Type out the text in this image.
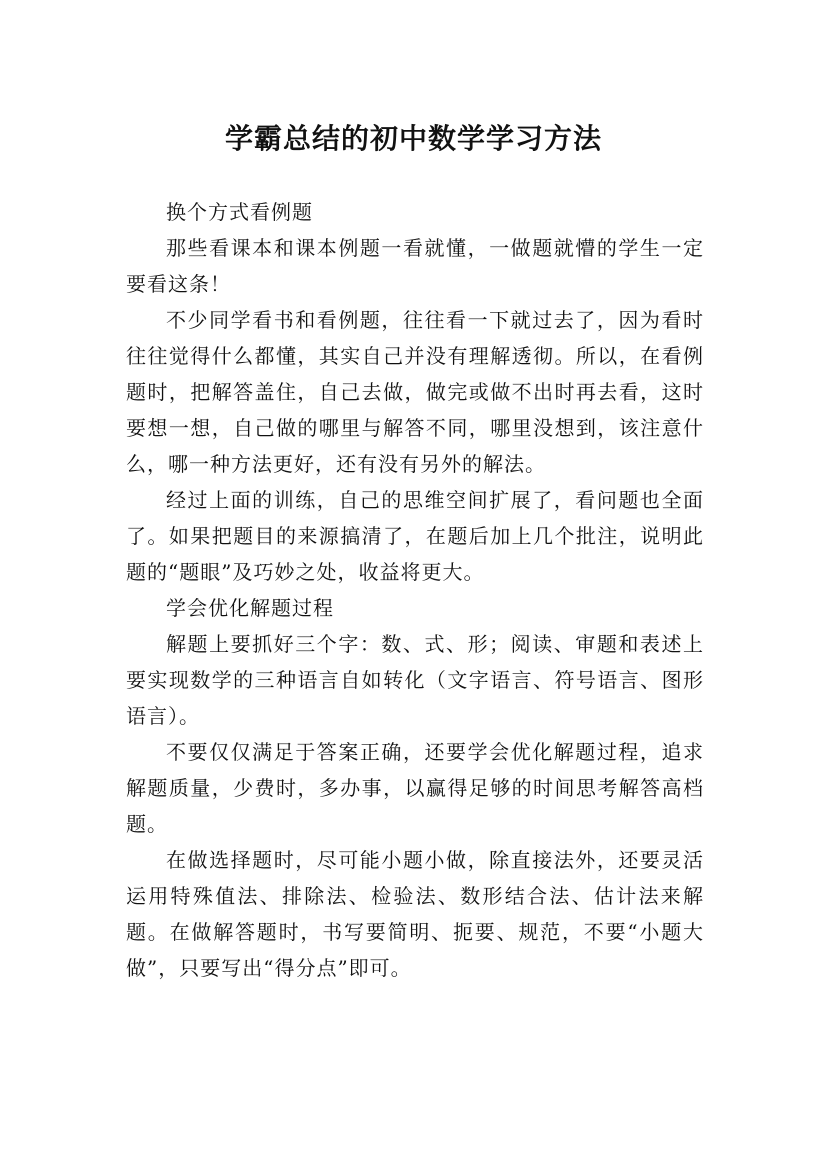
学霸总结的初中数学学习方法

换个方式看例题

那些看课本和课本例题一看就懂，一做题就懵的学生一定要看这条！

不少同学看书和看例题，往往看一下就过去了，因为看时往往觉得什么都懂，其实自己并没有理解透彻。所以，在看例题时，把解答盖住，自己去做，做完或做不出时再去看，这时要想一想，自己做的哪里与解答不同，哪里没想到，该注意什么，哪一种方法更好，还有没有另外的解法。

经过上面的训练，自己的思维空间扩展了，看问题也全面了。如果把题目的来源搞清了，在题后加上几个批注，说明此题的“题眼”及巧妙之处，收益将更大。

学会优化解题过程

解题上要抓好三个字：数、式、形；阅读、审题和表述上要实现数学的三种语言自如转化（文字语言、符号语言、图形语言）。

不要仅仅满足于答案正确，还要学会优化解题过程，追求解题质量，少费时，多办事，以赢得足够的时间思考解答高档题。

在做选择题时，尽可能小题小做，除直接法外，还要灵活运用特殊值法、排除法、检验法、数形结合法、估计法来解题。在做解答题时，书写要简明、扼要、规范，不要“小题大做”，只要写出“得分点”即可。
